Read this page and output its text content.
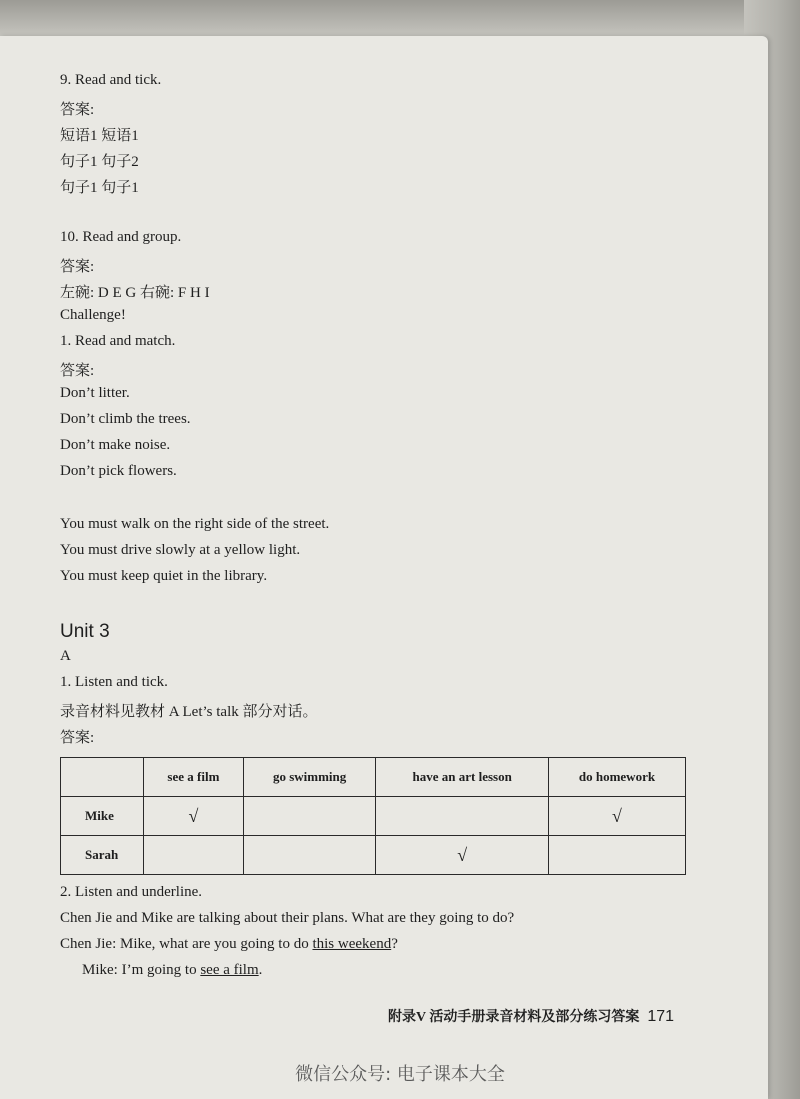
9. Read and tick.
答案:
短语1 短语1
句子1 句子2
句子1 句子1
10. Read and group.
答案:
左碗: D E G 右碗: F H I
Challenge!
1. Read and match.
答案:
Don’t litter.
Don’t climb the trees.
Don’t make noise.
Don’t pick flowers.
You must walk on the right side of the street.
You must drive slowly at a yellow light.
You must keep quiet in the library.
Unit 3
A
1. Listen and tick.
录音材料见教材 A Let’s talk 部分对话。
答案:
	see a film	go swimming	have an art lesson	do homework
Mike	√			√
Sarah			√	
2. Listen and underline.
Chen Jie and Mike are talking about their plans. What are they going to do?
Chen Jie: Mike, what are you going to do this weekend?
Mike: I’m going to see a film.
附录V 活动手册录音材料及部分练习答案 171
微信公众号: 电子课本大全
